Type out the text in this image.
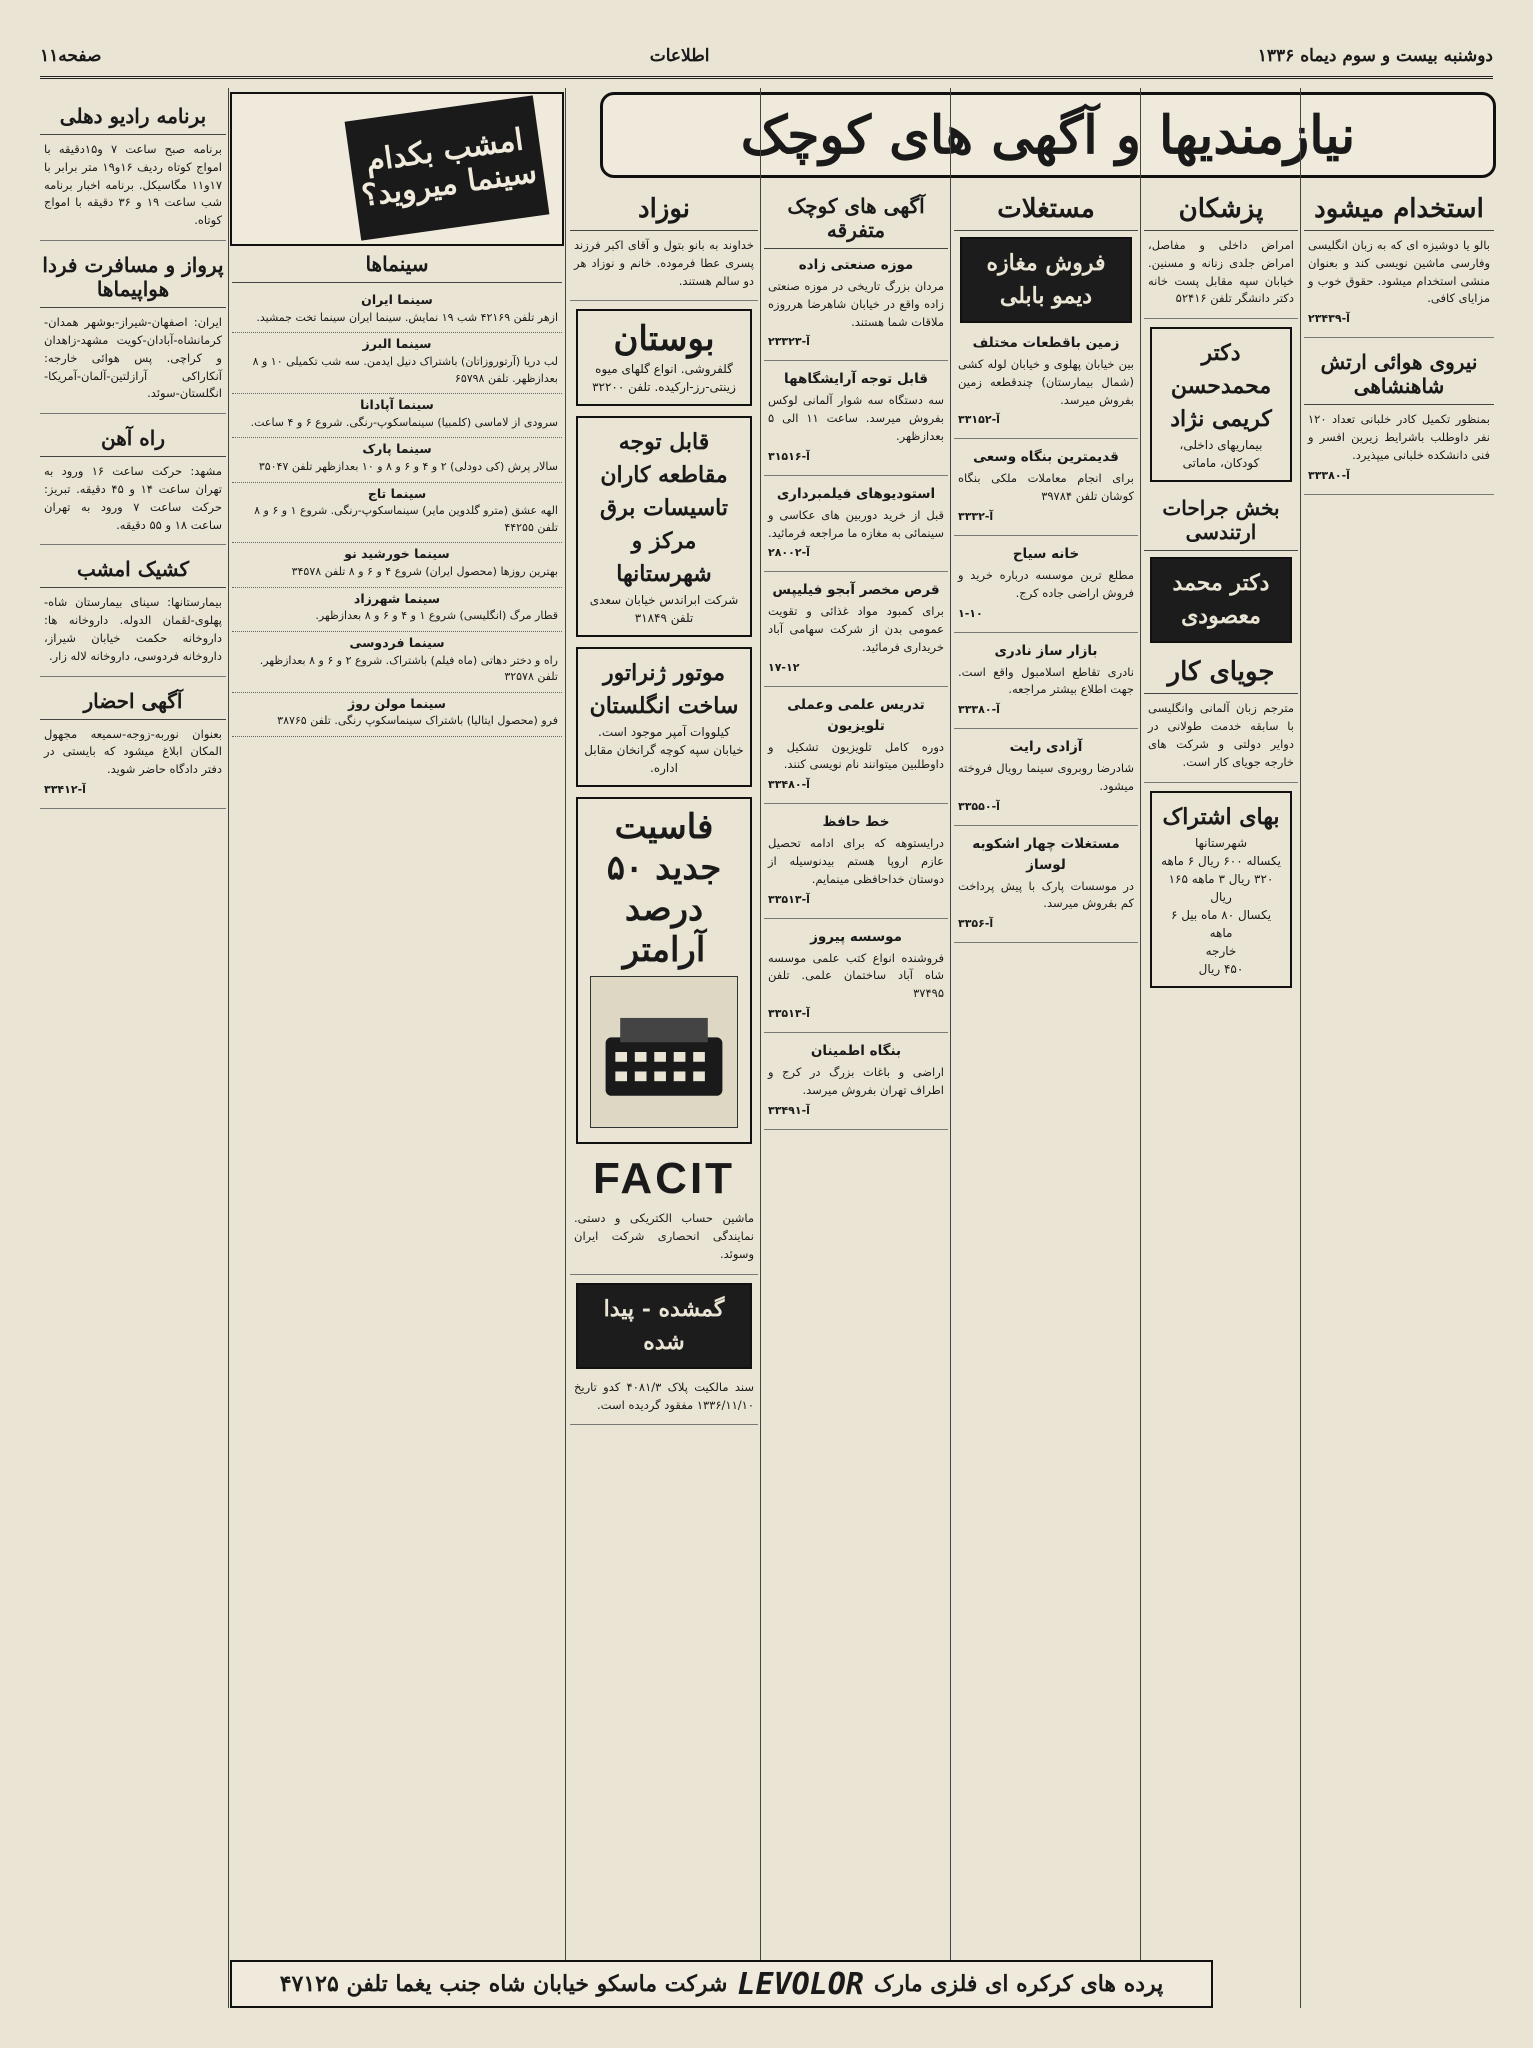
صفحه۱۱	اطلاعات	دوشنبه بیست و سوم دیماه ۱۳۳۶
نیازمندیها و آگهی های کوچک
امشب بکدام سینما میروید؟
برنامه رادیو دهلی
برنامه صبح ساعت ۷ و۱۵دقیقه با امواج کوتاه ردیف ۱۶و۱۹ متر برابر با ۱۷و۱۱ مگاسیکل. برنامه اخبار برنامه شب ساعت ۱۹ و ۳۶ دقیقه با امواج کوتاه.
پرواز و مسافرت فردا هواپیماها
ایران: اصفهان-شیراز-بوشهر همدان-کرمانشاه-آبادان-کویت مشهد-زاهدان و کراچی. پس هوائی خارجه: آنکاراکی آرازلتین-آلمان-آمریکا-انگلستان-سوئد.
راه آهن
مشهد: حرکت ساعت ۱۶ ورود به تهران ساعت ۱۴ و ۴۵ دقیقه. تبریز: حرکت ساعت ۷ ورود به تهران ساعت ۱۸ و ۵۵ دقیقه.
کشیک امشب
بیمارستانها: سینای بیمارستان شاه-پهلوی-لقمان الدوله. داروخانه ها: داروخانه حکمت خیابان شیراز، داروخانه فردوسی، داروخانه لاله زار.
آگهی احضار
بعنوان نوربه-زوجه-سمیعه مجهول المکان ابلاغ میشود که بایستی در دفتر دادگاه حاضر شوید.
آ-۳۳۴۱۲
سینماها
سینما ایران
ازهر تلفن ۴۲۱۶۹ شب ۱۹ نمایش. سینما ایران سینما تخت جمشید.
سینما البرز
لب دریا (آرتوروزاتان) باشتراک دنیل ایدمن. سه شب تکمیلی ۱۰ و ۸ بعدازظهر. تلفن ۶۵۷۹۸
سینما آپادانا
سرودی از لاماسی (کلمبیا) سینماسکوپ-رنگی. شروع ۶ و ۴ ساعت.
سینما پارک
سالار پرش (کی‌ دودلی) ۲ و ۴ و ۶ و ۸ و ۱۰ بعدازظهر تلفن ۳۵۰۴۷
سینما تاج
الهه عشق (مترو گلدوین مایر) سینماسکوپ-رنگی. شروع ۱ و ۶ و ۸ تلفن ۴۴۲۵۵
سینما خورشید نو
بهترین روزها (محصول ایران) شروع ۴ و ۶ و ۸ تلفن ۳۴۵۷۸
سینما شهرزاد
قطار مرگ (انگلیسی) شروع ۱ و ۴ و ۶ و ۸ بعدازظهر.
سینما فردوسی
راه و دختر دهاتی (ماه فیلم) باشتراک. شروع ۲ و ۶ و ۸ بعدازظهر. تلفن ۳۲۵۷۸
سینما مولن روژ
فرو (محصول ایتالیا) باشتراک سینماسکوپ رنگی. تلفن ۳۸۷۶۵
نوزاد
خداوند به بانو بتول و آقای اکبر فرزند پسری عطا فرموده. خانم و نوزاد هر دو سالم هستند.
بوستان
گلفروشی. انواع گلهای میوه زینتی-رز-ارکیده. تلفن ۳۲۲۰۰
قابل توجه مقاطعه کاران تاسیسات برق مرکز و شهرستانها
شرکت ابراندس خیابان سعدی تلفن ۳۱۸۴۹
موتور ژنراتور ساخت انگلستان
کیلووات آمپر موجود است. خیابان سپه کوچه گرانخان مقابل اداره.
فاسیت جدید ۵۰ درصد آرامتر
FACIT
ماشین حساب الکتریکی و دستی. نمایندگی انحصاری شرکت ایران وسوئد.
گمشده - پیدا شده
سند مالکیت پلاک ۴۰۸۱/۳ کدو تاریخ ۱۳۳۶/۱۱/۱۰ مفقود گردیده است.
آگهی های کوچک متفرقه
موزه صنعتی زاده
مردان بزرگ تاریخی در موزه صنعتی زاده واقع در خیابان شاهرضا هرروزه ملاقات شما هستند.
آ-۲۳۳۲۳
قابل توجه آرایشگاهها
سه دستگاه سه شوار آلمانی لوکس بفروش میرسد. ساعت ۱۱ الی ۵ بعدازظهر.
آ-۳۱۵۱۶
استودیوهای فیلمبرداری
قبل از خرید دوربین های عکاسی و سینمائی به مغازه ما مراجعه فرمائید.
آ-۲۸۰۰۲
قرص مخصر آبجو فیلیپس
برای کمبود مواد غذائی و تقویت عمومی بدن از شرکت سهامی آباد خریداری فرمائید.
۱۷-۱۲
تدریس علمی وعملی تلویزیون
دوره کامل تلویزیون تشکیل و داوطلبین میتوانند نام نویسی کنند.
آ-۳۳۴۸۰
خط حافظ
درایستوهه که برای ادامه تحصیل عازم اروپا هستم بیدنوسیله از دوستان خداحافظی مینمایم.
آ-۳۳۵۱۳
موسسه پیروز
فروشنده انواع کتب علمی موسسه شاه آباد ساختمان علمی. تلفن ۳۷۴۹۵
آ-۳۳۵۱۳
بنگاه اطمینان
اراضی و باغات بزرگ در کرج و اطراف تهران بفروش میرسد.
آ-۳۳۴۹۱
مستغلات
فروش مغازه دیمو بابلی
زمین باقطعات مختلف
بین خیابان پهلوی و خیابان لوله کشی (شمال بیمارستان) چندقطعه زمین بفروش میرسد.
آ-۳۳۱۵۲
قدیمترین بنگاه وسعی
برای انجام معاملات ملکی بنگاه کوشان تلفن ۳۹۷۸۴
آ-۳۳۳۲
خانه سیاح
مطلع ترین موسسه درباره خرید و فروش اراضی جاده کرج.
۱-۱۰
بازار ساز نادری
نادری تقاطع اسلامبول واقع است. جهت اطلاع بیشتر مراجعه.
آ-۳۳۳۸۰
آزادی رایت
شادرضا روبروی سینما رویال فروخته میشود.
آ-۳۳۵۵۰
مستغلات چهار اشکوبه لوساز
در موسسات پارک با پیش پرداخت کم بفروش میرسد.
آ-۳۳۵۶
پزشکان
امراض داخلی و مفاصل، امراض جلدی زنانه و مسنین. خیابان سپه مقابل پست خانه دکتر دانشگر تلفن ۵۲۴۱۶
دکتر محمدحسن کریمی نژاد
بیماریهای داخلی، کودکان، ماماتی
بخش جراحات ارتندسی
دکتر محمد معصودی
جویای کار
مترجم زبان آلمانی وانگلیسی با سابقه خدمت طولانی در دوایر دولتی و شرکت های خارجه جویای کار است.
بهای اشتراک
شهرستانها
یکساله ۶۰۰ ریال ۶ ماهه ۳۲۰ ریال ۳ ماهه ۱۶۵ ریال
یکسال ۸۰ ماه بیل ۶ ماهه
خارجه
۴۵۰ ریال
استخدام میشود
بالو یا دوشیزه ای که به زبان انگلیسی وفارسی ماشین نویسی کند و بعنوان منشی استخدام میشود. حقوق خوب و مزایای کافی.
آ-۲۳۴۳۹
نیروی هوائی ارتش شاهنشاهی
بمنظور تکمیل کادر خلبانی تعداد ۱۲۰ نفر داوطلب باشرایط زیرین افسر و فنی دانشکده خلبانی میپذیرد.
آ-۳۳۳۸۰
پرده های کرکره ای فلزی مارک
LEVOLOR
شرکت ماسکو خیابان شاه جنب یغما تلفن ۴۷۱۲۵
